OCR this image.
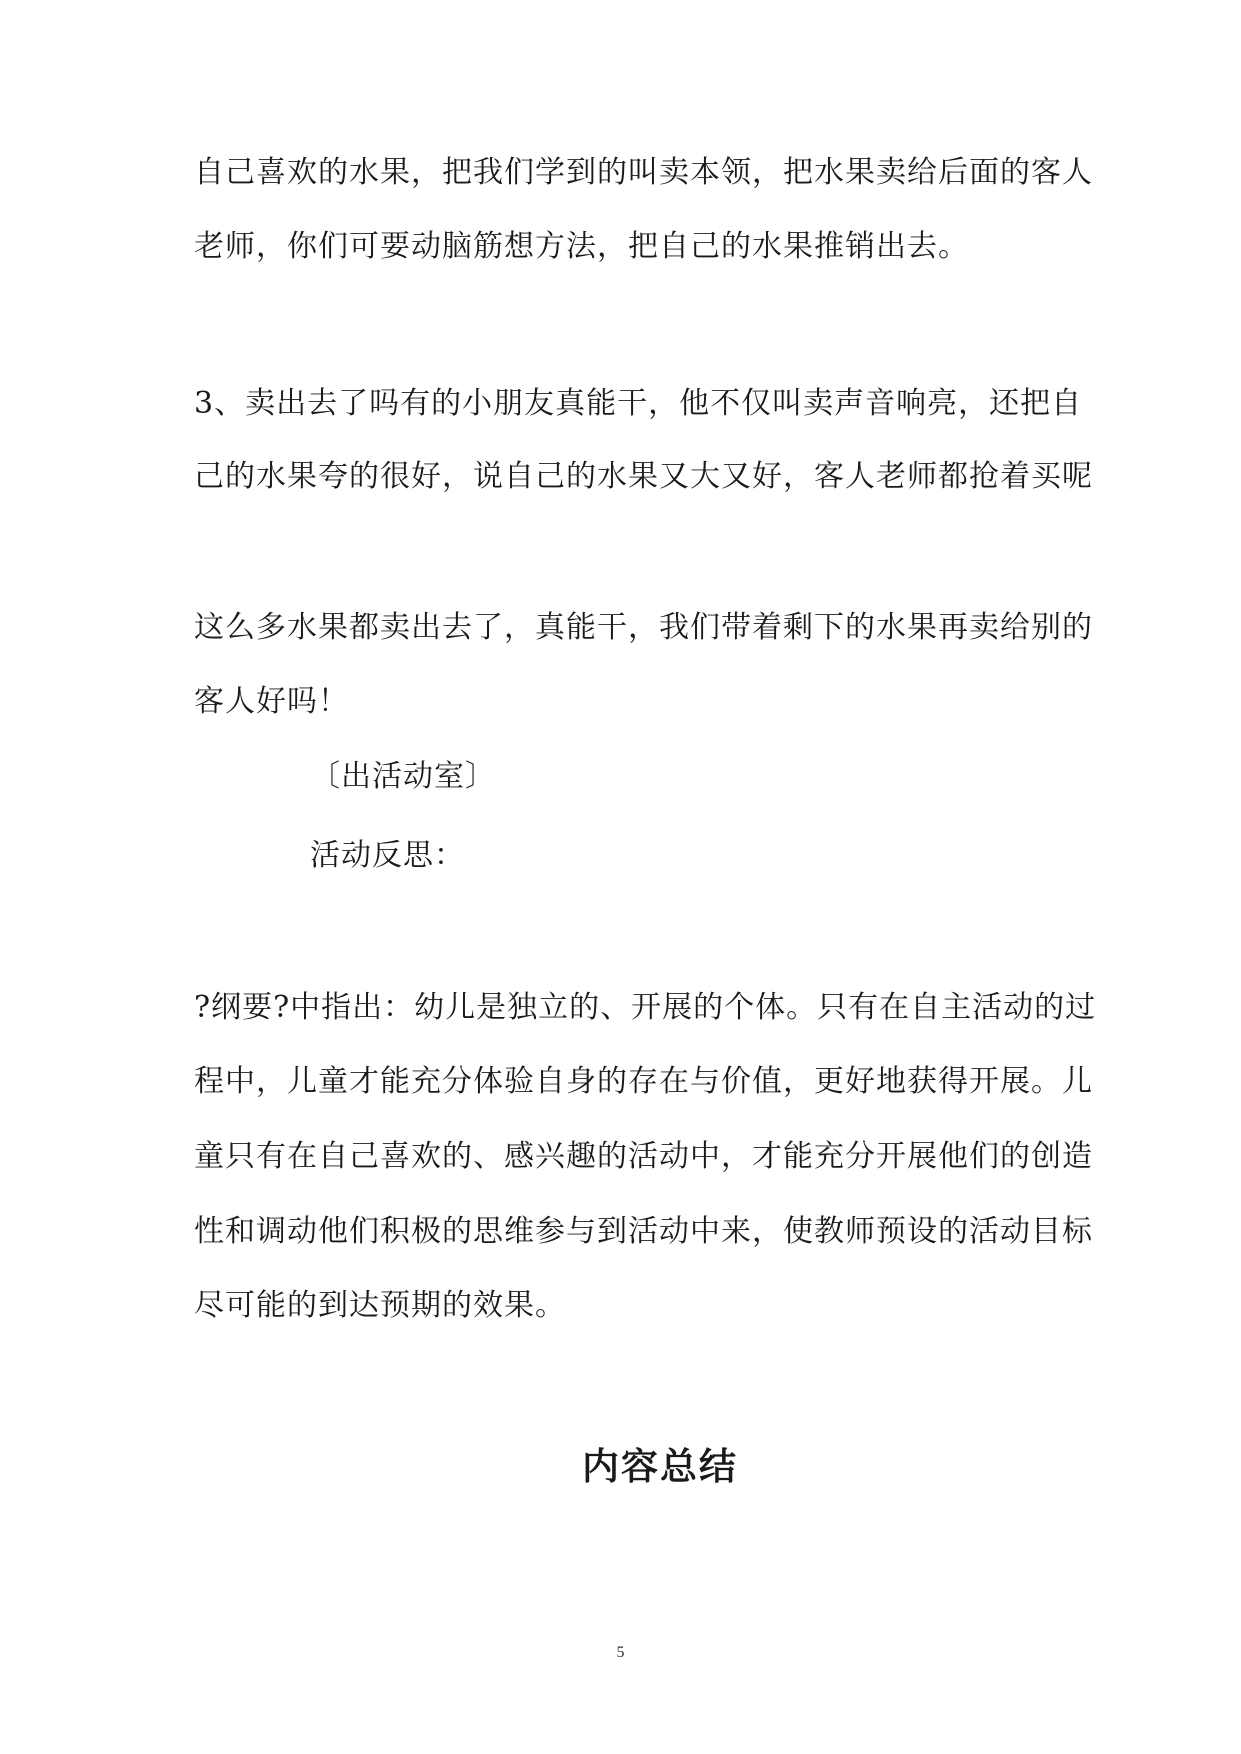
自己喜欢的水果，把我们学到的叫卖本领，把水果卖给后面的客人
老师，你们可要动脑筋想方法，把自己的水果推销出去。
3、卖出去了吗有的小朋友真能干，他不仅叫卖声音响亮，还把自
己的水果夸的很好，说自己的水果又大又好，客人老师都抢着买呢
这么多水果都卖出去了，真能干，我们带着剩下的水果再卖给别的
客人好吗！
〔出活动室〕
活动反思：
?纲要?中指出：幼儿是独立的、开展的个体。只有在自主活动的过
程中，儿童才能充分体验自身的存在与价值，更好地获得开展。儿
童只有在自己喜欢的、感兴趣的活动中，才能充分开展他们的创造
性和调动他们积极的思维参与到活动中来，使教师预设的活动目标
尽可能的到达预期的效果。
内容总结
5
